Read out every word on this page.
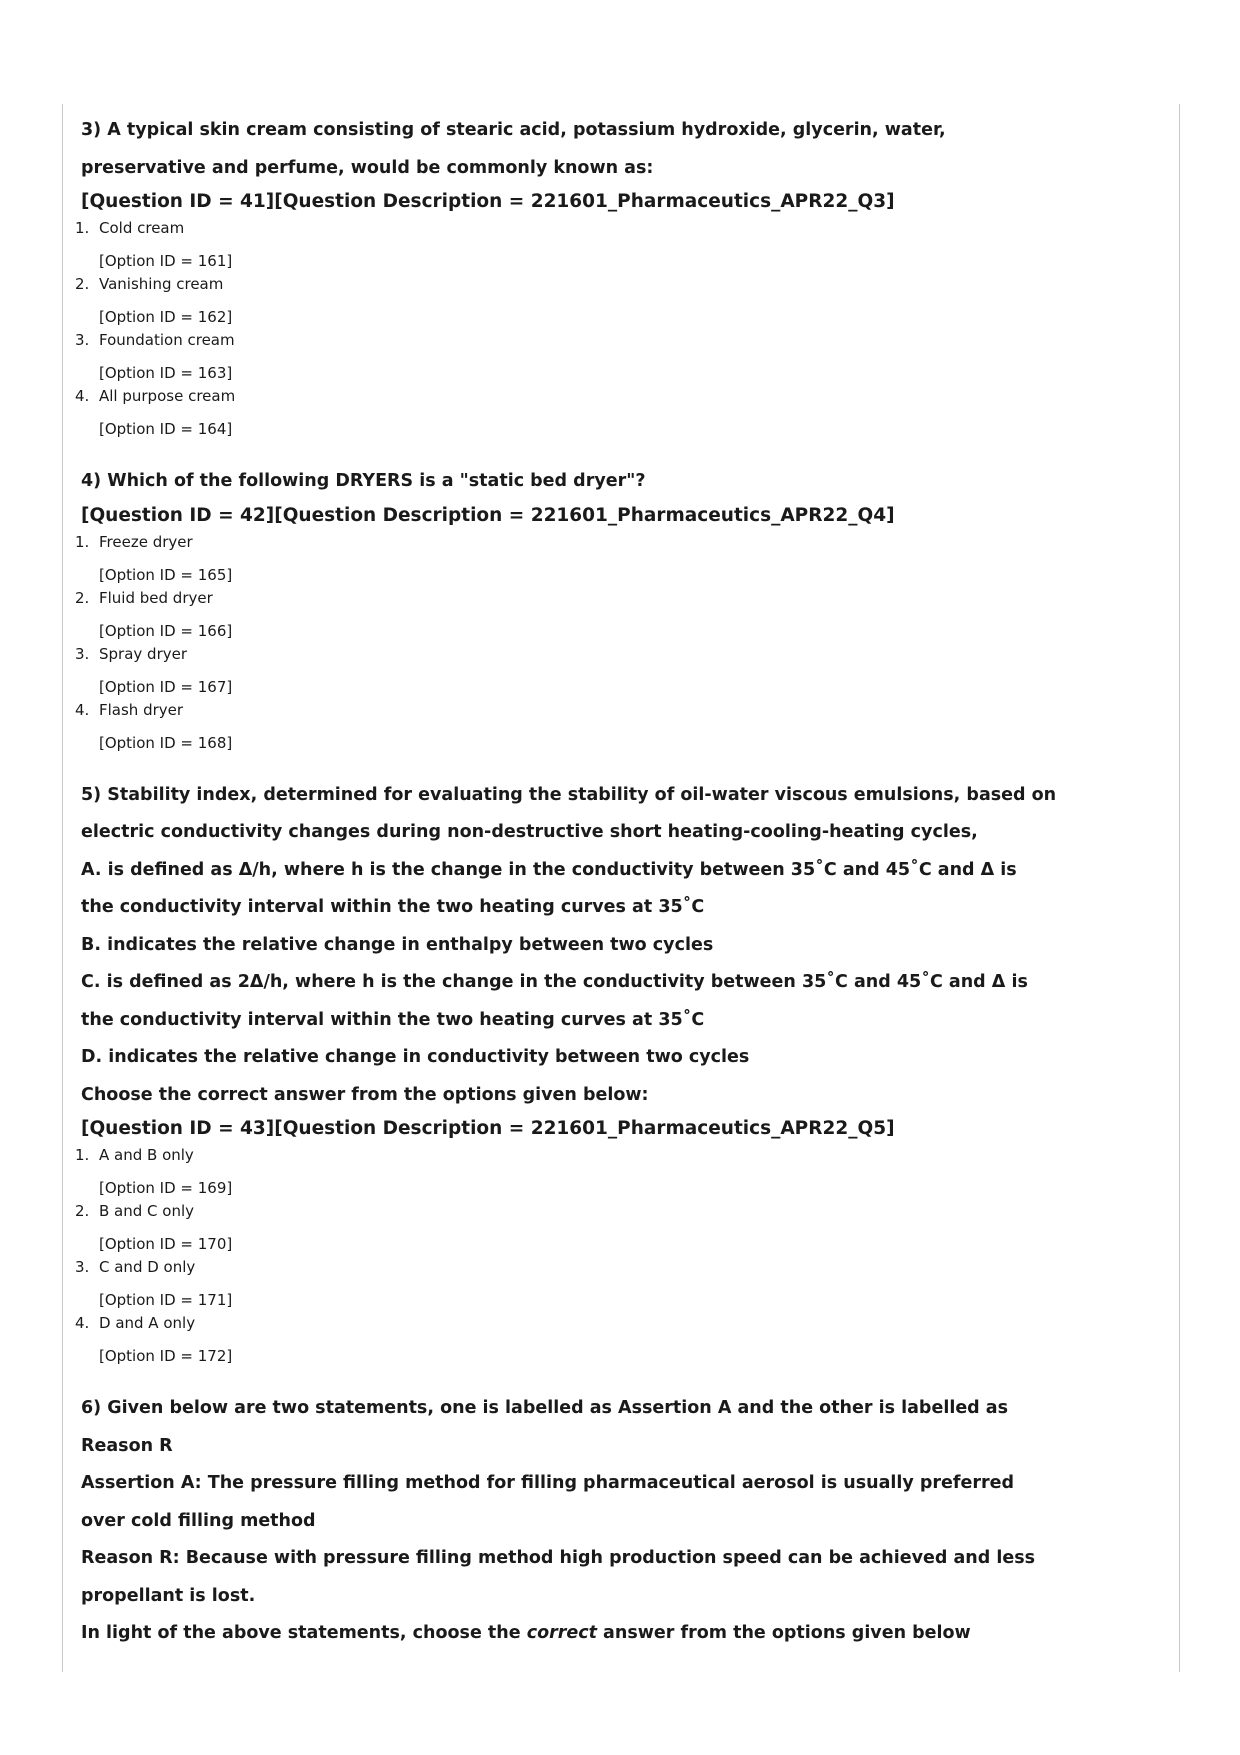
3) A typical skin cream consisting of stearic acid, potassium hydroxide, glycerin, water,
preservative and perfume, would be commonly known as:
[Question ID = 41][Question Description = 221601_Pharmaceutics_APR22_Q3]
1. Cold cream
[Option ID = 161]
2. Vanishing cream
[Option ID = 162]
3. Foundation cream
[Option ID = 163]
4. All purpose cream
[Option ID = 164]
4) Which of the following DRYERS is a "static bed dryer"?
[Question ID = 42][Question Description = 221601_Pharmaceutics_APR22_Q4]
1. Freeze dryer
[Option ID = 165]
2. Fluid bed dryer
[Option ID = 166]
3. Spray dryer
[Option ID = 167]
4. Flash dryer
[Option ID = 168]
5) Stability index, determined for evaluating the stability of oil-water viscous emulsions, based on
electric conductivity changes during non-destructive short heating-cooling-heating cycles,
A. is defined as Δ/h, where h is the change in the conductivity between 35˚C and 45˚C and Δ is
the conductivity interval within the two heating curves at 35˚C
B. indicates the relative change in enthalpy between two cycles
C. is defined as 2Δ/h, where h is the change in the conductivity between 35˚C and 45˚C and Δ is
the conductivity interval within the two heating curves at 35˚C
D. indicates the relative change in conductivity between two cycles
Choose the correct answer from the options given below:
[Question ID = 43][Question Description = 221601_Pharmaceutics_APR22_Q5]
1. A and B only
[Option ID = 169]
2. B and C only
[Option ID = 170]
3. C and D only
[Option ID = 171]
4. D and A only
[Option ID = 172]
6) Given below are two statements, one is labelled as Assertion A and the other is labelled as
Reason R
Assertion A: The pressure filling method for filling pharmaceutical aerosol is usually preferred
over cold filling method
Reason R: Because with pressure filling method high production speed can be achieved and less
propellant is lost.
In light of the above statements, choose the correct answer from the options given below
